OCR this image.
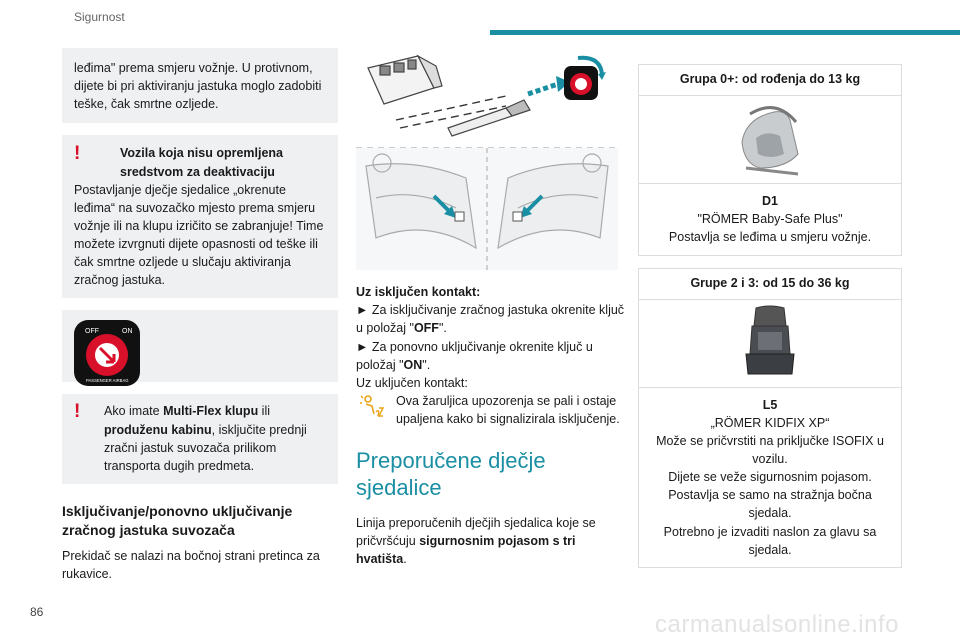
Sigurnost
leđima" prema smjeru vožnje. U protivnom, dijete bi pri aktiviranju jastuka moglo zadobiti teške, čak smrtne ozljede.
!	Vozila koja nisu opremljena sredstvom za deaktivaciju
Postavljanje dječje sjedalice „okrenute leđima“ na suvozačko mjesto prema smjeru vožnje ili na klupu izričito se zabranjuje! Time možete izvrgnuti dijete opasnosti od teške ili čak smrtne ozljede u slučaju aktiviranja zračnog jastuka.
OFF	ON
PASSENGER AIRBAG
!	Ako imate Multi-Flex klupu ili produženu kabinu, isključite prednji zračni jastuk suvozača prilikom transporta dugih predmeta.
Isključivanje/ponovno uključivanje zračnog jastuka suvozača
Prekidač se nalazi na bočnoj strani pretinca za rukavice.
Uz isključen kontakt:
► Za isključivanje zračnog jastuka okrenite ključ u položaj "OFF".
► Za ponovno uključivanje okrenite ključ u položaj "ON".
Uz uključen kontakt:
Ova žaruljica upozorenja se pali i ostaje upaljena kako bi signalizirala isključenje.
Preporučene dječje sjedalice
Linija preporučenih dječjih sjedalica koje se pričvršćuju sigurnosnim pojasom s tri hvatišta.
Grupa 0+: od rođenja do 13 kg
D1
"RÖMER Baby-Safe Plus"
Postavlja se leđima u smjeru vožnje.
Grupe 2 i 3: od 15 do 36 kg
L5
„RÖMER KIDFIX XP“
Može se pričvrstiti na priključke ISOFIX u vozilu.
Dijete se veže sigurnosnim pojasom.
Postavlja se samo na stražnja bočna sjedala.
Potrebno je izvaditi naslon za glavu sa sjedala.
86	carmanualsonline.info
